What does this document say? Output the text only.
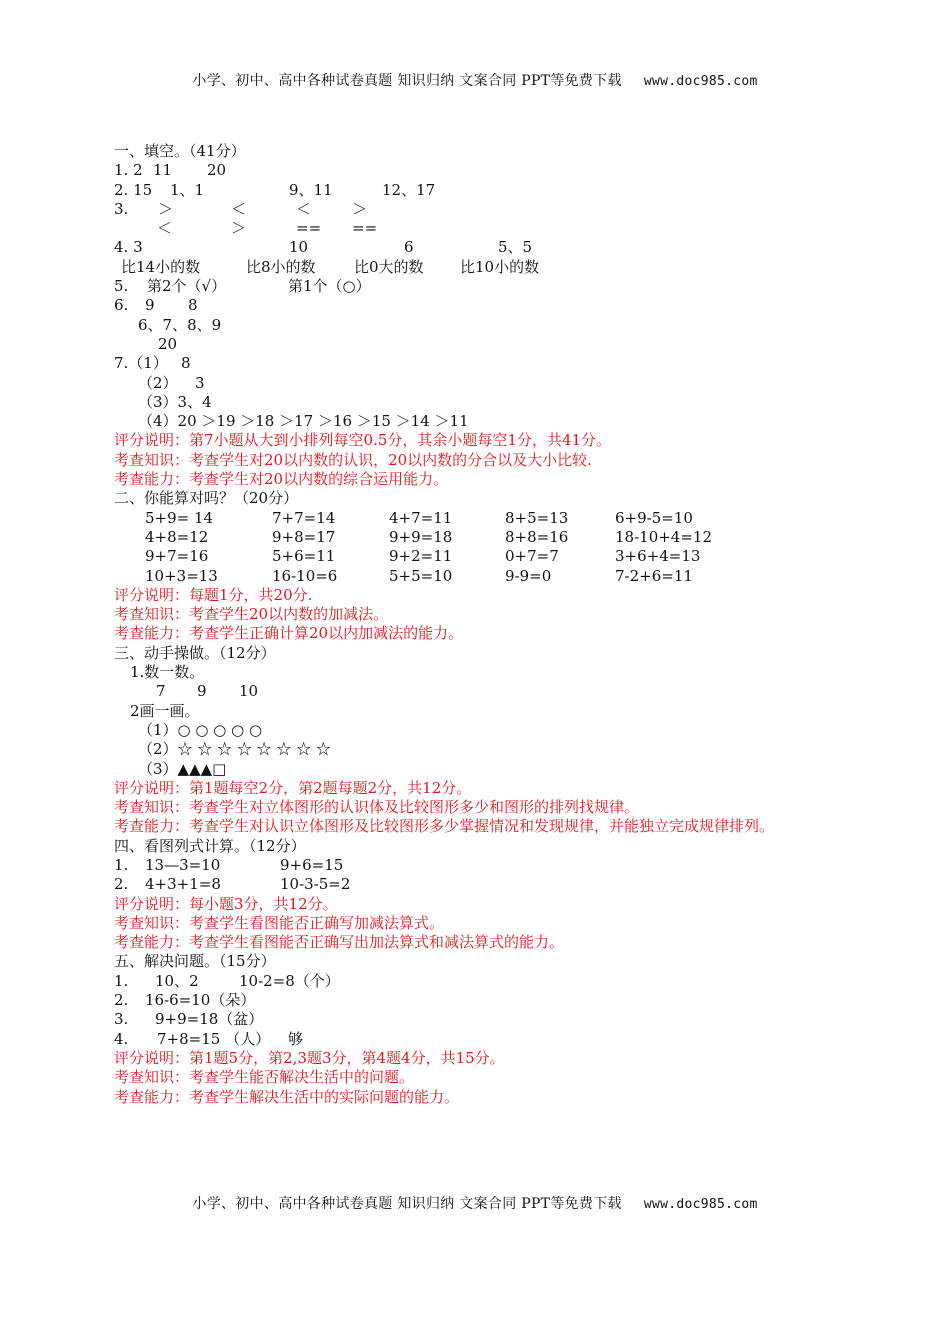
小学、初中、高中各种试卷真题 知识归纳 文案合同 PPT等免费下载 www.doc985.com
一、填空。（41分）
1. 2 11 20
2. 15 1、1	9、11	12、17
3. ＞	＜	＜	＞
＜	＞	== ==
4. 3	10	6	5、5
比14小的数	比8小的数	比0大的数 比10小的数
5. 第2个（√）	第1个（○）
6. 9 8
6、7、8、9
20
7.（1） 8
（2） 3
（3）3、4
（4）20 ＞19 ＞18 ＞17 ＞16 ＞15 ＞14 ＞11
评分说明：第7小题从大到小排列每空0.5分，其余小题每空1分，共41分。
考查知识：考查学生对20以内数的认识，20以内数的分合以及大小比较.
考查能力：考查学生对20以内数的综合运用能力。
二、你能算对吗？（20分）
5+9= 14	7+7=14	4+7=11	8+5=13	6+9-5=10
4+8=12	9+8=17	9+9=18	8+8=16	18-10+4=12
9+7=16	5+6=11	9+2=11	0+7=7	3+6+4=13
10+3=13	16-10=6	5+5=10	9-9=0	7-2+6=11
评分说明：每题1分，共20分.
考查知识：考查学生20以内数的加减法。
考查能力：考查学生正确计算20以内加减法的能力。
三、动手操做。（12分）
1.数一数。
7 9 10
2画一画。
（1）○ ○ ○ ○ ○
（2）☆ ☆ ☆ ☆ ☆ ☆ ☆ ☆
（3）▲▲▲□
评分说明：第1题每空2分，第2题每题2分，共12分。
考查知识：考查学生对立体图形的认识体及比较图形多少和图形的排列找规律。
考查能力：考查学生对认识立体图形及比较图形多少掌握情况和发现规律，并能独立完成规律排列。
四、看图列式计算。（12分）
1. 13—3=10	9+6=15
2. 4+3+1=8	10-3-5=2
评分说明：每小题3分，共12分。
考查知识：考查学生看图能否正确写加减法算式。
考查能力：考查学生看图能否正确写出加法算式和减法算式的能力。
五、解决问题。（15分）
1. 10、2	10-2=8（个）
2. 16-6=10（朵）
3. 9+9=18（盆）
4. 7+8=15 （人） 够
评分说明：第1题5分，第2,3题3分，第4题4分，共15分。
考查知识：考查学生能否解决生活中的问题。
考查能力：考查学生解决生活中的实际问题的能力。
小学、初中、高中各种试卷真题 知识归纳 文案合同 PPT等免费下载 www.doc985.com
